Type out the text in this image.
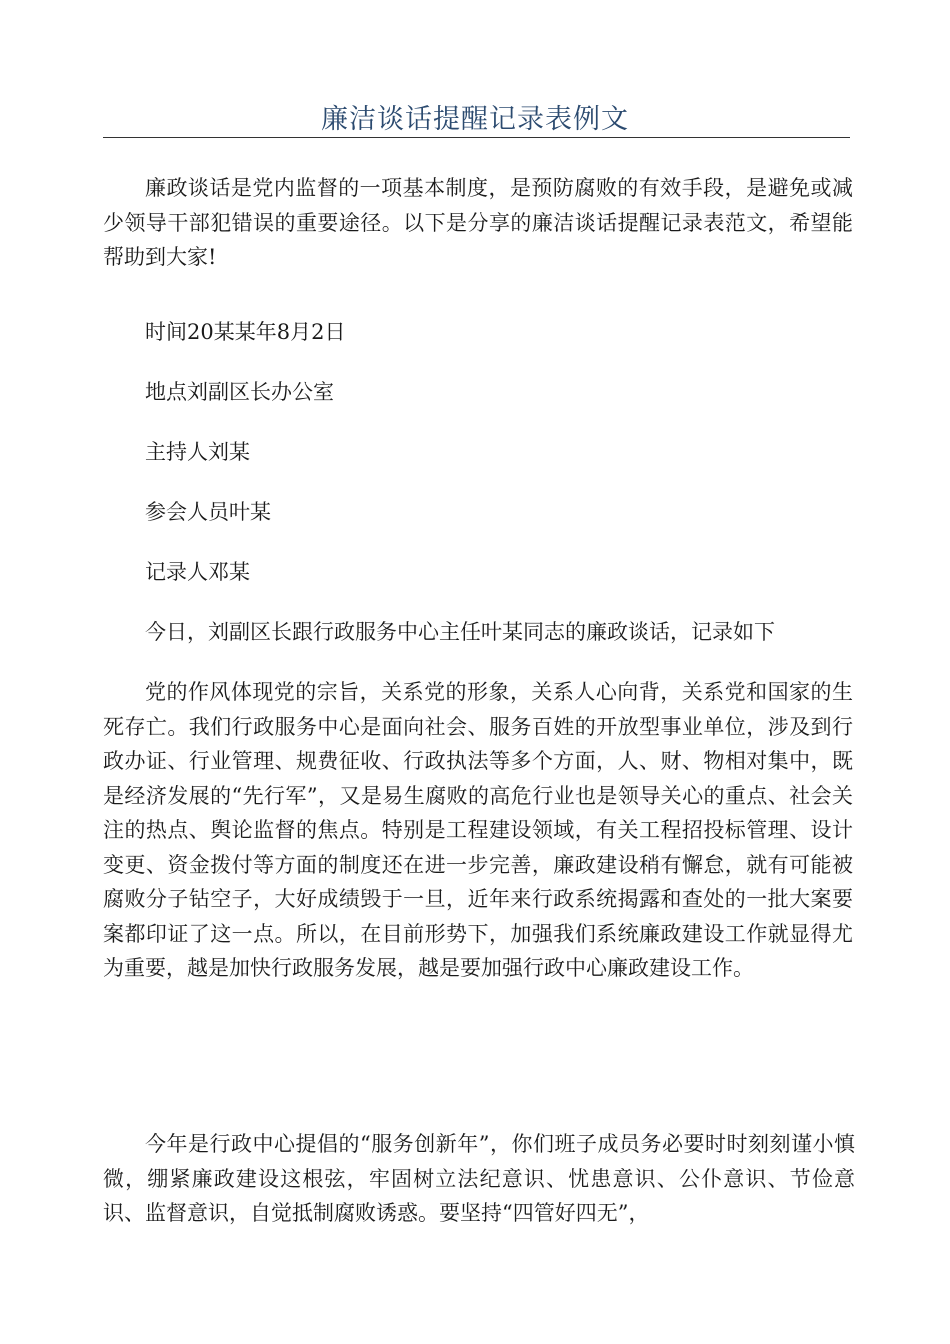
廉洁谈话提醒记录表例文

廉政谈话是党内监督的一项基本制度，是预防腐败的有效手段，是避免或减少领导干部犯错误的重要途径。以下是分享的廉洁谈话提醒记录表范文，希望能帮助到大家!

时间20某某年8月2日

地点刘副区长办公室

主持人刘某

参会人员叶某

记录人邓某

今日，刘副区长跟行政服务中心主任叶某同志的廉政谈话，记录如下

党的作风体现党的宗旨，关系党的形象，关系人心向背，关系党和国家的生死存亡。我们行政服务中心是面向社会、服务百姓的开放型事业单位，涉及到行政办证、行业管理、规费征收、行政执法等多个方面，人、财、物相对集中，既是经济发展的“先行军”，又是易生腐败的高危行业也是领导关心的重点、社会关注的热点、舆论监督的焦点。特别是工程建设领域，有关工程招投标管理、设计变更、资金拨付等方面的制度还在进一步完善，廉政建设稍有懈怠，就有可能被腐败分子钻空子，大好成绩毁于一旦，近年来行政系统揭露和查处的一批大案要案都印证了这一点。所以，在目前形势下，加强我们系统廉政建设工作就显得尤为重要，越是加快行政服务发展，越是要加强行政中心廉政建设工作。

今年是行政中心提倡的“服务创新年”，你们班子成员务必要时时刻刻谨小慎微，绷紧廉政建设这根弦，牢固树立法纪意识、忧患意识、公仆意识、节俭意识、监督意识，自觉抵制腐败诱惑。要坚持“四管好四无”，
